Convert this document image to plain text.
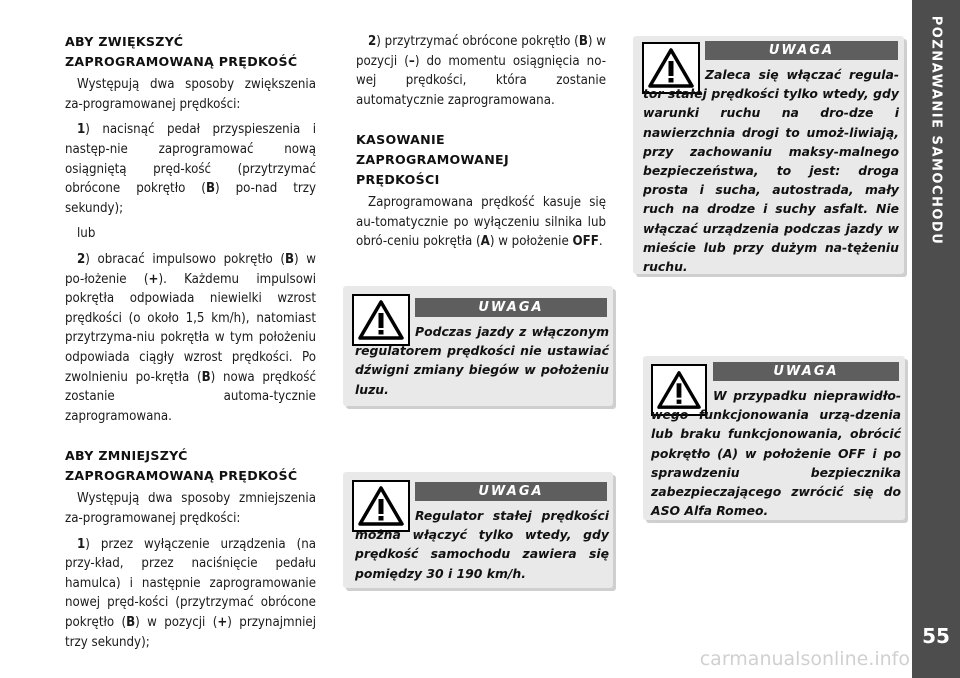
POZNAWANIE SAMOCHODU
55
ABY ZWIĘKSZYĆ
ZAPROGRAMOWANĄ PRĘDKOŚĆ

Występują dwa sposoby zwiększenia za-programowanej prędkości:

1) nacisnąć pedał przyspieszenia i następ-nie zaprogramować nową osiągniętą pręd-kość (przytrzymać obrócone pokrętło (B) po-nad trzy sekundy);

lub

2) obracać impulsowo pokrętło (B) w po-łożenie (+). Każdemu impulsowi pokrętła odpowiada niewielki wzrost prędkości (o około 1,5 km/h), natomiast przytrzyma-niu pokrętła w tym położeniu odpowiada ciągły wzrost prędkości. Po zwolnieniu po-krętła (B) nowa prędkość zostanie automa-tycznie zaprogramowana.

ABY ZMNIEJSZYĆ
ZAPROGRAMOWANĄ PRĘDKOŚĆ

Występują dwa sposoby zmniejszenia za-programowanej prędkości:

1) przez wyłączenie urządzenia (na przy-kład, przez naciśnięcie pedału hamulca) i następnie zaprogramowanie nowej pręd-kości (przytrzymać obrócone pokrętło (B) w pozycji (+) przynajmniej trzy sekundy);

2) przytrzymać obrócone pokrętło (B) w pozycji (–) do momentu osiągnięcia no-wej prędkości, która zostanie automatycznie zaprogramowana.

KASOWANIE
ZAPROGRAMOWANEJ
PRĘDKOŚCI

Zaprogramowana prędkość kasuje się au-tomatycznie po wyłączeniu silnika lub obró-ceniu pokrętła (A) w położenie OFF.

UWAGA
Podczas jazdy z włączonym regulatorem prędkości nie ustawiać dźwigni zmiany biegów w położeniu luzu.
UWAGA
Regulator stałej prędkości można włączyć tylko wtedy, gdy prędkość samochodu zawiera się pomiędzy 30 i 190 km/h.
UWAGA
Zaleca się włączać regula-tor stałej prędkości tylko wtedy, gdy warunki ruchu na dro-dze i nawierzchnia drogi to umoż-liwiają, przy zachowaniu maksy-malnego bezpieczeństwa, to jest: droga prosta i sucha, autostrada, mały ruch na drodze i suchy asfalt. Nie włączać urządzenia podczas jazdy w mieście lub przy dużym na-tężeniu ruchu.
UWAGA
W przypadku nieprawidło-wego funkcjonowania urzą-dzenia lub braku funkcjonowania, obrócić pokrętło (A) w położenie OFF i po sprawdzeniu bezpiecznika zabezpieczającego zwrócić się do ASO Alfa Romeo.
carmanualsonline.info
